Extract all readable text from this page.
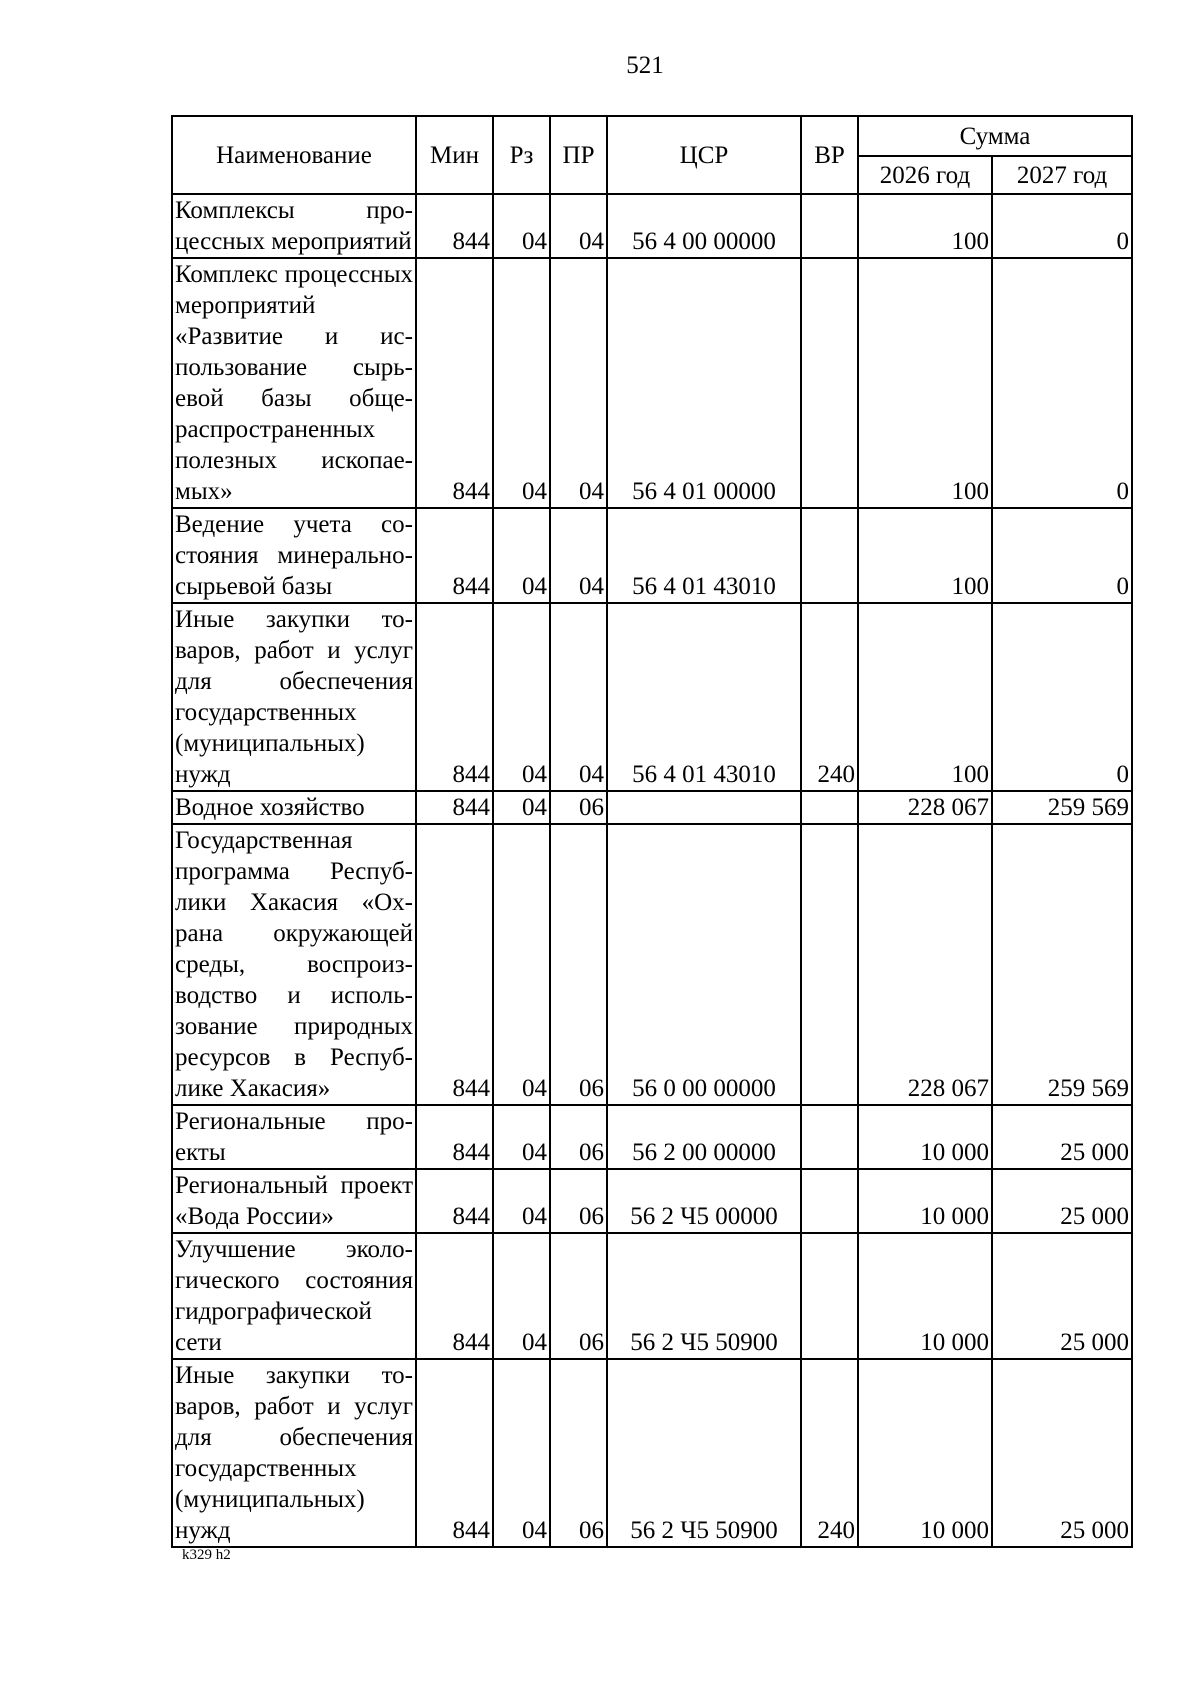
521
Наименование	Мин	Рз	ПР	ЦСР	ВР	Сумма	
						2026 год	2027 год
Комплексы процессных мероприятий	844	04	04	56 4 00 00000		100	0
Комплекс процессных мероприятий «Развитие и использование сырьевой базы общераспространенных полезных ископаемых»	844	04	04	56 4 01 00000		100	0
Ведение учета состояния минерально-сырьевой базы	844	04	04	56 4 01 43010		100	0
Иные закупки товаров, работ и услуг для обеспечения государственных (муниципальных) нужд	844	04	04	56 4 01 43010	240	100	0
Водное хозяйство	844	04	06			228 067	259 569
Государственная программа Республики Хакасия «Охрана окружающей среды, воспроизводство и использование природных ресурсов в Республике Хакасия»	844	04	06	56 0 00 00000		228 067	259 569
Региональные проекты	844	04	06	56 2 00 00000		10 000	25 000
Региональный проект «Вода России»	844	04	06	56 2 Ч5 00000		10 000	25 000
Улучшение экологического состояния гидрографической сети	844	04	06	56 2 Ч5 50900		10 000	25 000
Иные закупки товаров, работ и услуг для обеспечения государственных (муниципальных) нужд	844	04	06	56 2 Ч5 50900	240	10 000	25 000
k329 h2
